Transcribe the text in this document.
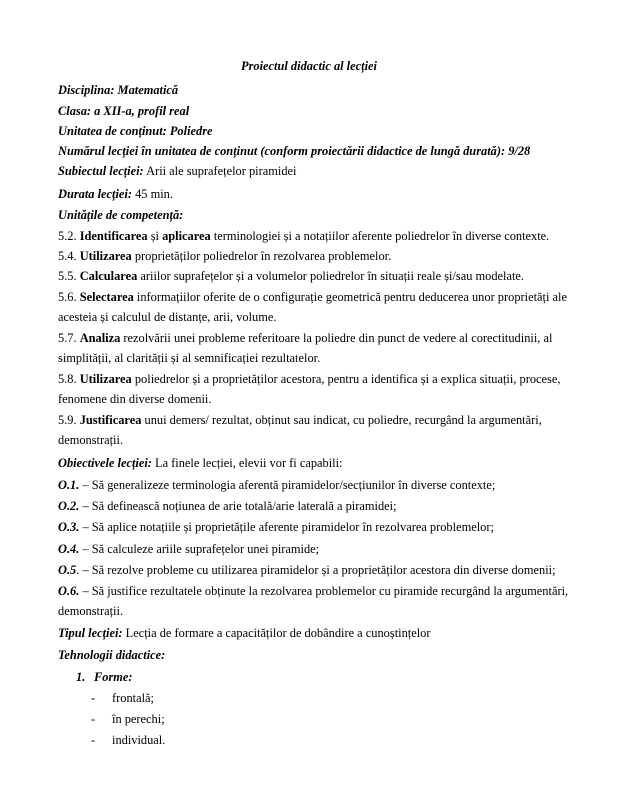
Proiectul didactic al lecției
Disciplina: Matematică
Clasa: a XII-a, profil real
Unitatea de conținut: Poliedre
Numărul lecției în unitatea de conținut (conform proiectării didactice de lungă durată): 9/28
Subiectul lecției: Arii ale suprafețelor piramidei
Durata lecției: 45 min.
Unitățile de competență:
5.2. Identificarea și aplicarea terminologiei și a notațiilor aferente poliedrelor în diverse contexte.
5.4. Utilizarea proprietăților poliedrelor în rezolvarea problemelor.
5.5. Calcularea ariilor suprafețelor și a volumelor poliedrelor în situații reale și/sau modelate.
5.6. Selectarea informațiilor oferite de o configurație geometrică pentru deducerea unor proprietăți ale
acesteia și calculul de distanțe, arii, volume.
5.7. Analiza rezolvării unei probleme referitoare la poliedre din punct de vedere al corectitudinii, al
simplității, al clarității și al semnificației rezultatelor.
5.8. Utilizarea poliedrelor și a proprietăților acestora, pentru a identifica și a explica situații, procese,
fenomene din diverse domenii.
5.9. Justificarea unui demers/ rezultat, obținut sau indicat, cu poliedre, recurgând la argumentări,
demonstrații.
Obiectivele lecției: La finele lecției, elevii vor fi capabili:
O.1. – Să generalizeze terminologia aferentă piramidelor/secțiunilor în diverse contexte;
O.2. – Să definească noțiunea de arie totală/arie laterală a piramidei;
O.3. – Să aplice notațiile și proprietățile aferente piramidelor în rezolvarea problemelor;
O.4. – Să calculeze ariile suprafețelor unei piramide;
O.5. – Să rezolve probleme cu utilizarea piramidelor și a proprietăților acestora din diverse domenii;
O.6. – Să justifice rezultatele obținute la rezolvarea problemelor cu piramide recurgând la argumentări,
demonstrații.
Tipul lecției: Lecția de formare a capacităților de dobândire a cunoștințelor
Tehnologii didactice:
1. Forme:
-	frontală;
-	în perechi;
-	individual.
